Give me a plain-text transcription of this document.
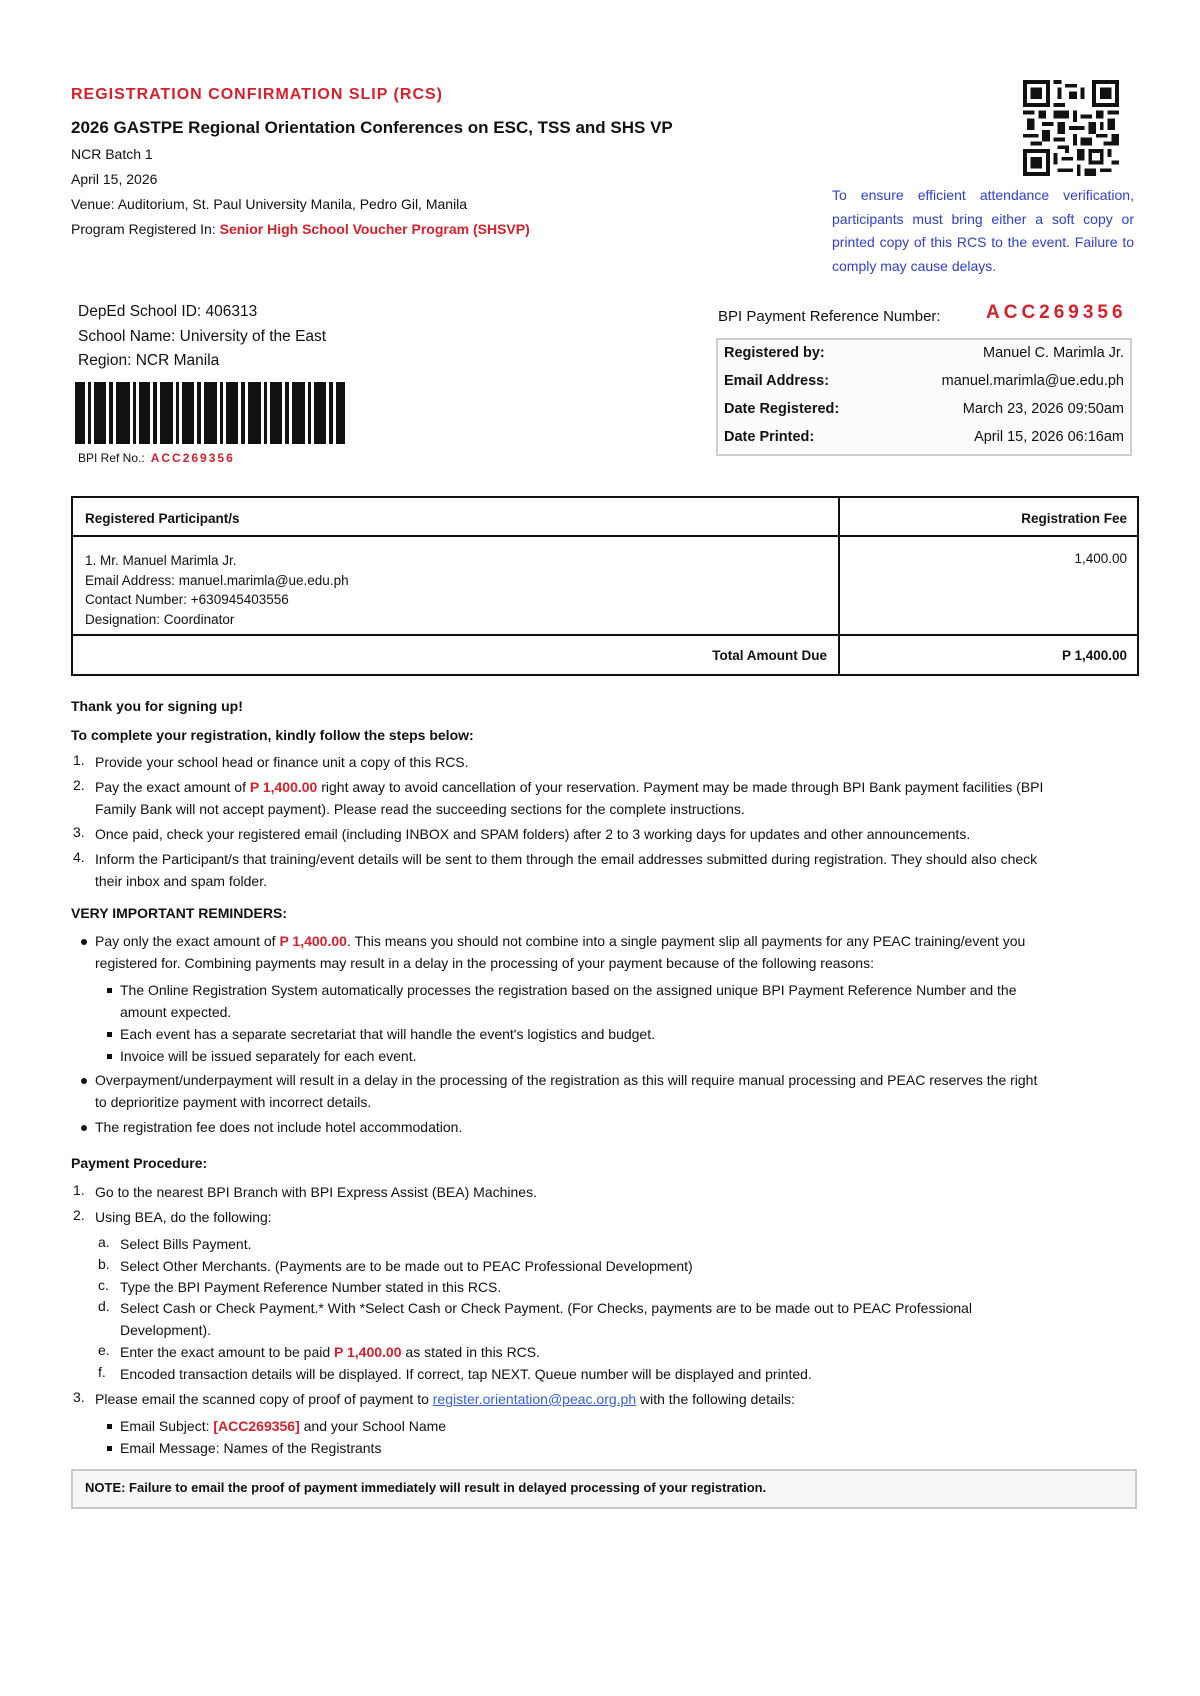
REGISTRATION CONFIRMATION SLIP (RCS)
2026 GASTPE Regional Orientation Conferences on ESC, TSS and SHS VP
NCR Batch 1
April 15, 2026
Venue: Auditorium, St. Paul University Manila, Pedro Gil, Manila
Program Registered In: Senior High School Voucher Program (SHSVP)
To ensure efficient attendance verification, participants must bring either a soft copy or printed copy of this RCS to the event. Failure to comply may cause delays.
DepEd School ID: 406313
School Name: University of the East
Region: NCR Manila
BPI Ref No.: ACC269356
BPI Payment Reference Number: ACC269356
Registered by:	Manuel C. Marimla Jr.
Email Address:	manuel.marimla@ue.edu.ph
Date Registered:	March 23, 2026 09:50am
Date Printed:	April 15, 2026 06:16am
Registered Participant/s	Registration Fee
1. Mr. Manuel Marimla Jr.
Email Address: manuel.marimla@ue.edu.ph
Contact Number: +630945403556
Designation: Coordinator
1,400.00
Total Amount Due	P 1,400.00
Thank you for signing up!
To complete your registration, kindly follow the steps below:
1. Provide your school head or finance unit a copy of this RCS.
2. Pay the exact amount of P 1,400.00 right away to avoid cancellation of your reservation. Payment may be made through BPI Bank payment facilities (BPI
Family Bank will not accept payment). Please read the succeeding sections for the complete instructions.
3. Once paid, check your registered email (including INBOX and SPAM folders) after 2 to 3 working days for updates and other announcements.
4. Inform the Participant/s that training/event details will be sent to them through the email addresses submitted during registration. They should also check
their inbox and spam folder.
VERY IMPORTANT REMINDERS:
Pay only the exact amount of P 1,400.00. This means you should not combine into a single payment slip all payments for any PEAC training/event you
registered for. Combining payments may result in a delay in the processing of your payment because of the following reasons:
The Online Registration System automatically processes the registration based on the assigned unique BPI Payment Reference Number and the
amount expected.
Each event has a separate secretariat that will handle the event's logistics and budget.
Invoice will be issued separately for each event.
Overpayment/underpayment will result in a delay in the processing of the registration as this will require manual processing and PEAC reserves the right
to deprioritize payment with incorrect details.
The registration fee does not include hotel accommodation.
Payment Procedure:
1. Go to the nearest BPI Branch with BPI Express Assist (BEA) Machines.
2. Using BEA, do the following:
a. Select Bills Payment.
b. Select Other Merchants. (Payments are to be made out to PEAC Professional Development)
c. Type the BPI Payment Reference Number stated in this RCS.
d. Select Cash or Check Payment.* With *Select Cash or Check Payment. (For Checks, payments are to be made out to PEAC Professional
Development).
e. Enter the exact amount to be paid P 1,400.00 as stated in this RCS.
f. Encoded transaction details will be displayed. If correct, tap NEXT. Queue number will be displayed and printed.
3. Please email the scanned copy of proof of payment to register.orientation@peac.org.ph with the following details:
Email Subject: [ACC269356] and your School Name
Email Message: Names of the Registrants
NOTE: Failure to email the proof of payment immediately will result in delayed processing of your registration.
